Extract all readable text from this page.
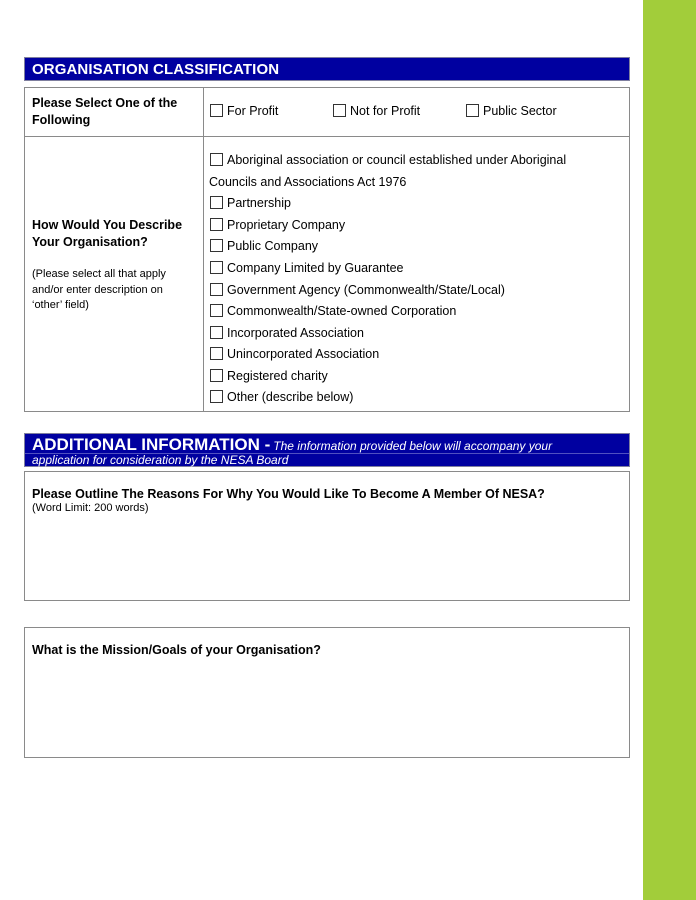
ORGANISATION CLASSIFICATION
Please Select One of the
Following
For Profit	Not for Profit	Public Sector
How Would You Describe
Your Organisation?
(Please select all that apply
and/or enter description on
‘other’ field)
Aboriginal association or council established under Aboriginal
Councils and Associations Act 1976
Partnership
Proprietary Company
Public Company
Company Limited by Guarantee
Government Agency (Commonwealth/State/Local)
Commonwealth/State-owned Corporation
Incorporated Association
Unincorporated Association
Registered charity
Other (describe below)
ADDITIONAL INFORMATION - The information provided below will accompany your
application for consideration by the NESA Board
Please Outline The Reasons For Why You Would Like To Become A Member Of NESA?
(Word Limit: 200 words)
What is the Mission/Goals of your Organisation?
